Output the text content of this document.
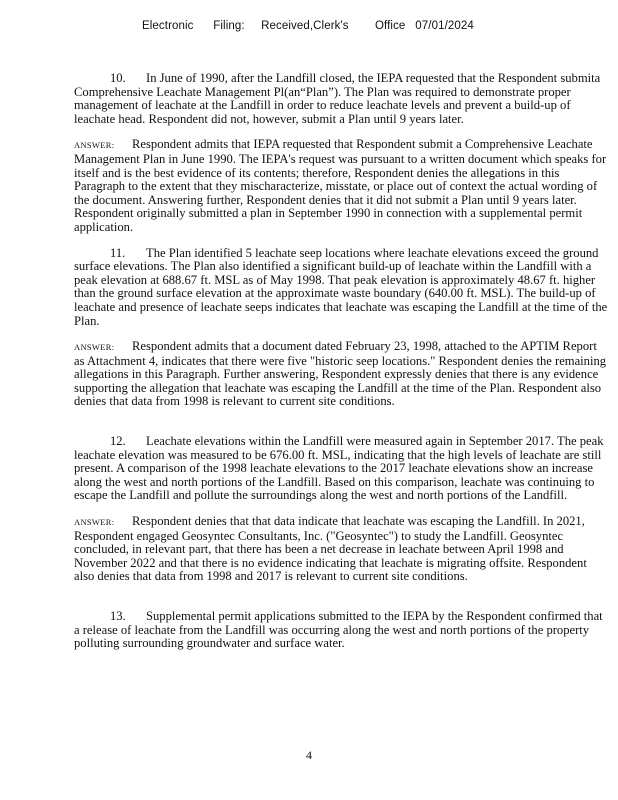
Electronic      Filing:     Received,Clerk's        Office   07/01/2024

10. In June of 1990, after the Landfill closed, the IEPA requested that the Respondent submita Comprehensive Leachate Management Pl(an“Plan”). The Plan was required to demonstrate proper management of leachate at the Landfill in order to reduce leachate levels and prevent a build-up of leachate head. Respondent did not, however, submit a Plan until 9 years later.

ANSWER: Respondent admits that IEPA requested that Respondent submit a Comprehensive Leachate Management Plan in June 1990. The IEPA's request was pursuant to a written document which speaks for itself and is the best evidence of its contents; therefore, Respondent denies the allegations in this Paragraph to the extent that they mischaracterize, misstate, or place out of context the actual wording of the document. Answering further, Respondent denies that it did not submit a Plan until 9 years later. Respondent originally submitted a plan in September 1990 in connection with a supplemental permit application.

11. The Plan identified 5 leachate seep locations where leachate elevations exceed the ground surface elevations. The Plan also identified a significant build-up of leachate within the Landfill with a peak elevation at 688.67 ft. MSL as of May 1998. That peak elevation is approximately 48.67 ft. higher than the ground surface elevation at the approximate waste boundary (640.00 ft. MSL). The build-up of leachate and presence of leachate seeps indicates that leachate was escaping the Landfill at the time of the Plan.

ANSWER: Respondent admits that a document dated February 23, 1998, attached to the APTIM Report as Attachment 4, indicates that there were five "historic seep locations." Respondent denies the remaining allegations in this Paragraph. Further answering, Respondent expressly denies that there is any evidence supporting the allegation that leachate was escaping the Landfill at the time of the Plan. Respondent also denies that data from 1998 is relevant to current site conditions.

12. Leachate elevations within the Landfill were measured again in September 2017. The peak leachate elevation was measured to be 676.00 ft. MSL, indicating that the high levels of leachate are still present. A comparison of the 1998 leachate elevations to the 2017 leachate elevations show an increase along the west and north portions of the Landfill. Based on this comparison, leachate was continuing to escape the Landfill and pollute the surroundings along the west and north portions of the Landfill.

ANSWER: Respondent denies that that data indicate that leachate was escaping the Landfill. In 2021, Respondent engaged Geosyntec Consultants, Inc. ("Geosyntec") to study the Landfill. Geosyntec concluded, in relevant part, that there has been a net decrease in leachate between April 1998 and November 2022 and that there is no evidence indicating that leachate is migrating offsite. Respondent also denies that data from 1998 and 2017 is relevant to current site conditions.

13. Supplemental permit applications submitted to the IEPA by the Respondent confirmed that a release of leachate from the Landfill was occurring along the west and north portions of the property polluting surrounding groundwater and surface water.

4
